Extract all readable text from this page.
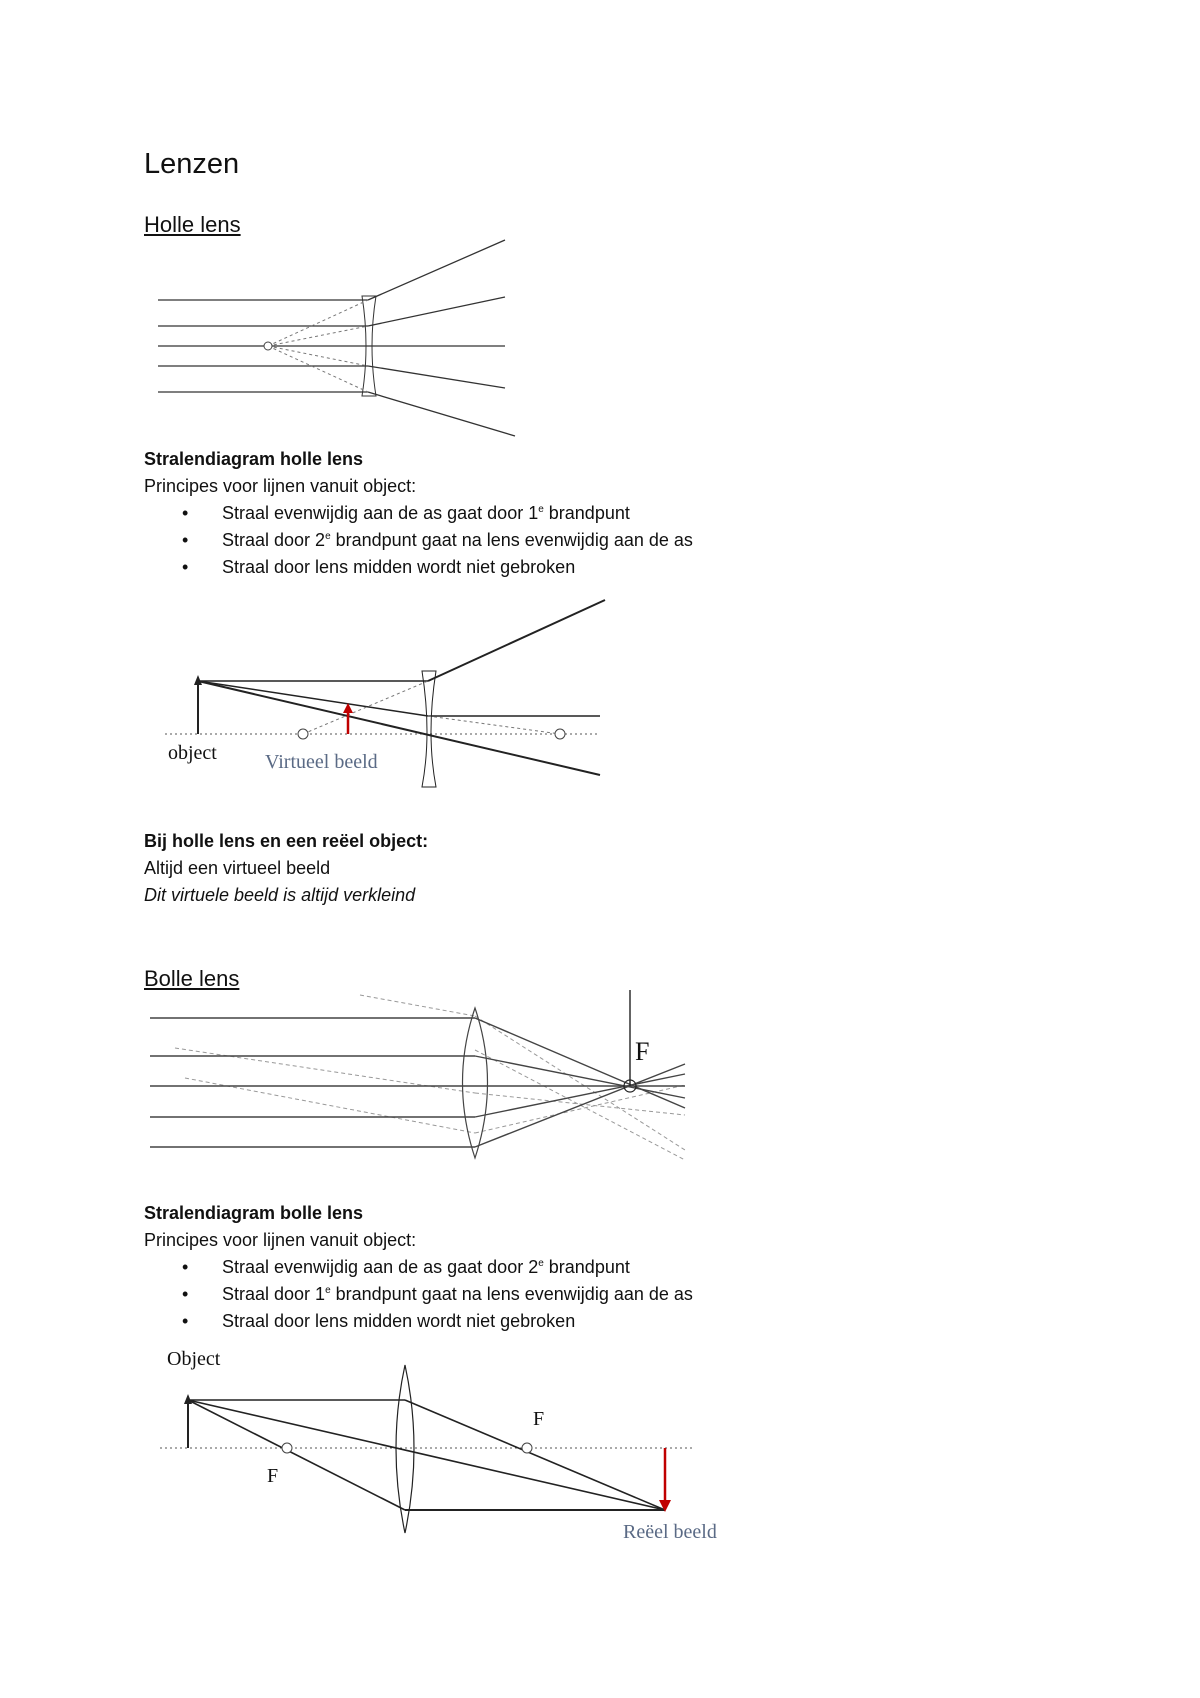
Lenzen
Holle lens
Stralendiagram holle lens
Principes voor lijnen vanuit object:
• Straal evenwijdig aan de as gaat door 1e brandpunt
• Straal door 2e brandpunt gaat na lens evenwijdig aan de as
• Straal door lens midden wordt niet gebroken
object Virtueel beeld
Bij holle lens en een reëel object:
Altijd een virtueel beeld
Dit virtuele beeld is altijd verkleind
Bolle lens
F
Stralendiagram bolle lens
Principes voor lijnen vanuit object:
• Straal evenwijdig aan de as gaat door 2e brandpunt
• Straal door 1e brandpunt gaat na lens evenwijdig aan de as
• Straal door lens midden wordt niet gebroken
Object
F
F
Reëel beeld
